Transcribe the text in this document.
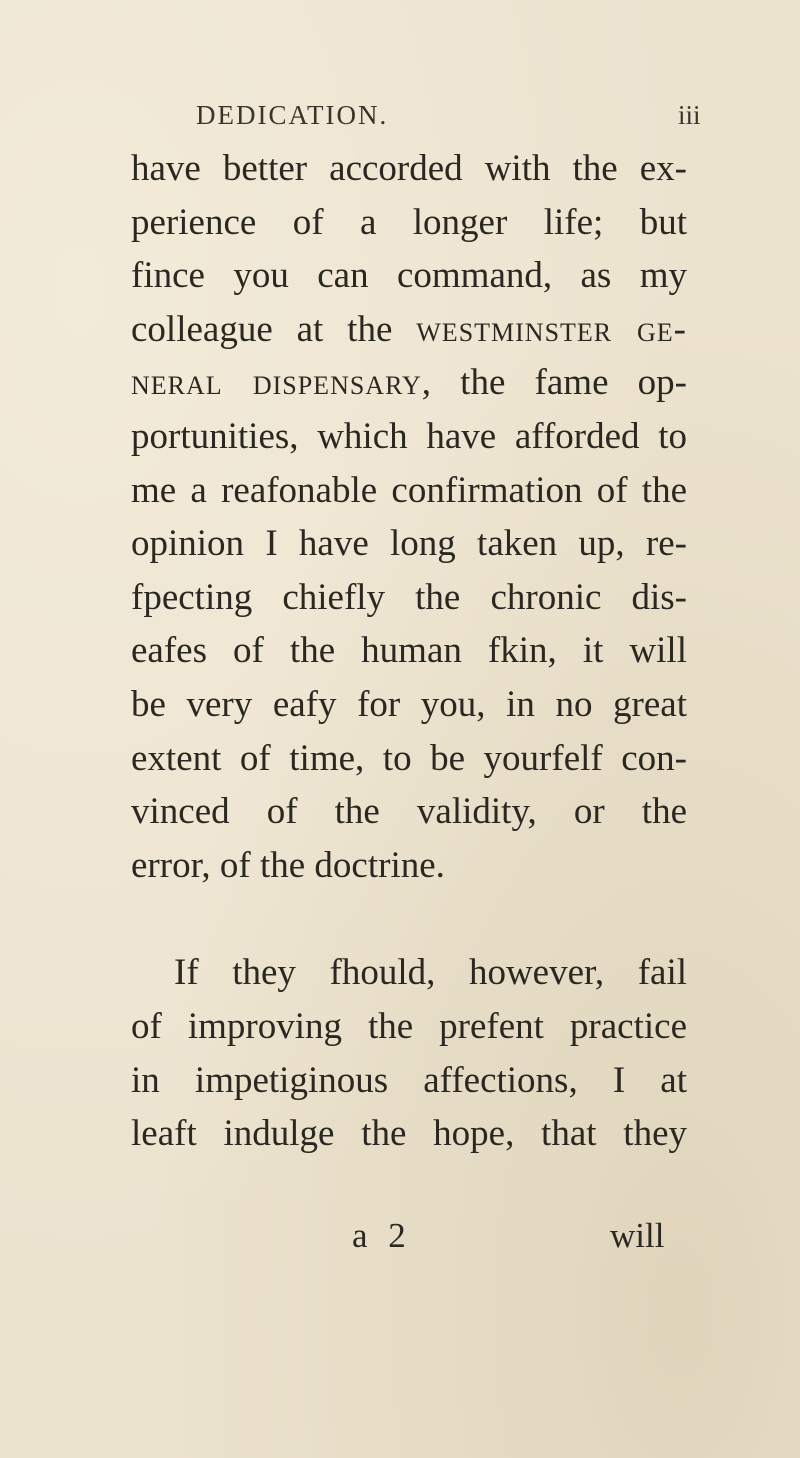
DEDICATION.	iii
have better accorded with the ex-
perience of a longer life; but
fince you can command, as my
colleague at the westminster ge-
neral dispensary, the fame op-
portunities, which have afforded to
me a reafonable confirmation of the
opinion I have long taken up, re-
fpecting chiefly the chronic dis-
eafes of the human fkin, it will
be very eafy for you, in no great
extent of time, to be yourfelf con-
vinced of the validity, or the
error, of the doctrine.
If they fhould, however, fail
of improving the prefent practice
in impetiginous affections, I at
leaft indulge the hope, that they
a 2	will
